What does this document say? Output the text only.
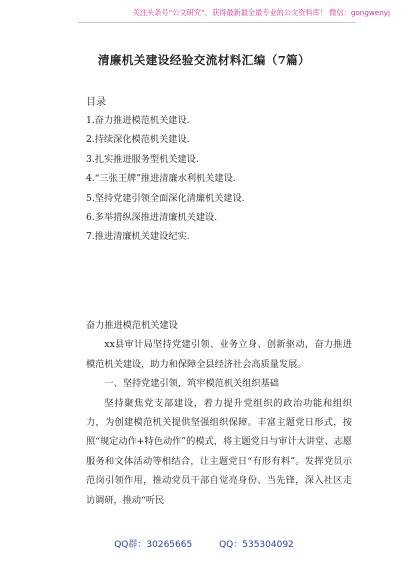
关注头条号“公文研究”，获得最新最全最专业的公文资料库！ 微信：gongwenyj
清廉机关建设经验交流材料汇编（7篇）
目录
1.奋力推进模范机关建设.
2.持续深化模范机关建设.
3.扎实推进服务型机关建设.
4.“三张王牌”推进清廉水利机关建设.
5.坚持党建引领全面深化清廉机关建设.
6.多举措纵深推进清廉机关建设.
7.推进清廉机关建设纪实.

奋力推进模范机关建设

xx县审计局坚持党建引领、业务立身、创新驱动，奋力推进模范机关建设，助力和保障全县经济社会高质量发展。

一、坚持党建引领，筑牢模范机关组织基础

坚持聚焦党支部建设，着力提升党组织的政治功能和组织力，为创建模范机关提供坚强组织保障。丰富主题党日形式，按照“规定动作+特色动作”的模式，将主题党日与审计大讲堂、志愿服务和文体活动等相结合，让主题党日“有形有料”。发挥党员示范岗引领作用，推动党员干部自觉亮身份、当先锋，深入社区走访调研，推动“听民

QQ群：30265665	QQ：535304092
